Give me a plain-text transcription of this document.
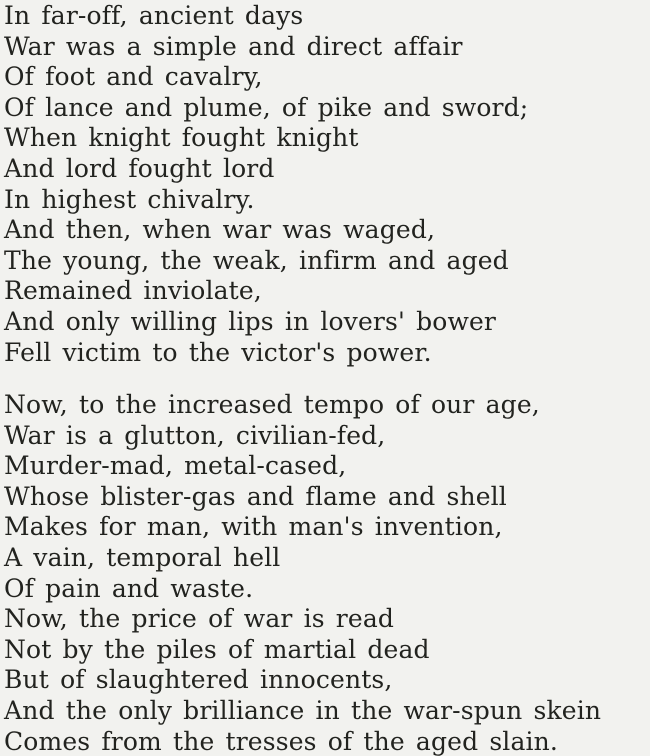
In far-off, ancient days
War was a simple and direct affair
Of foot and cavalry,
Of lance and plume, of pike and sword;
When knight fought knight
And lord fought lord
In highest chivalry.
And then, when war was waged,
The young, the weak, infirm and aged
Remained inviolate,
And only willing lips in lovers' bower
Fell victim to the victor's power.
Now, to the increased tempo of our age,
War is a glutton, civilian-fed,
Murder-mad, metal-cased,
Whose blister-gas and flame and shell
Makes for man, with man's invention,
A vain, temporal hell
Of pain and waste.
Now, the price of war is read
Not by the piles of martial dead
But of slaughtered innocents,
And the only brilliance in the war-spun skein
Comes from the tresses of the aged slain.
